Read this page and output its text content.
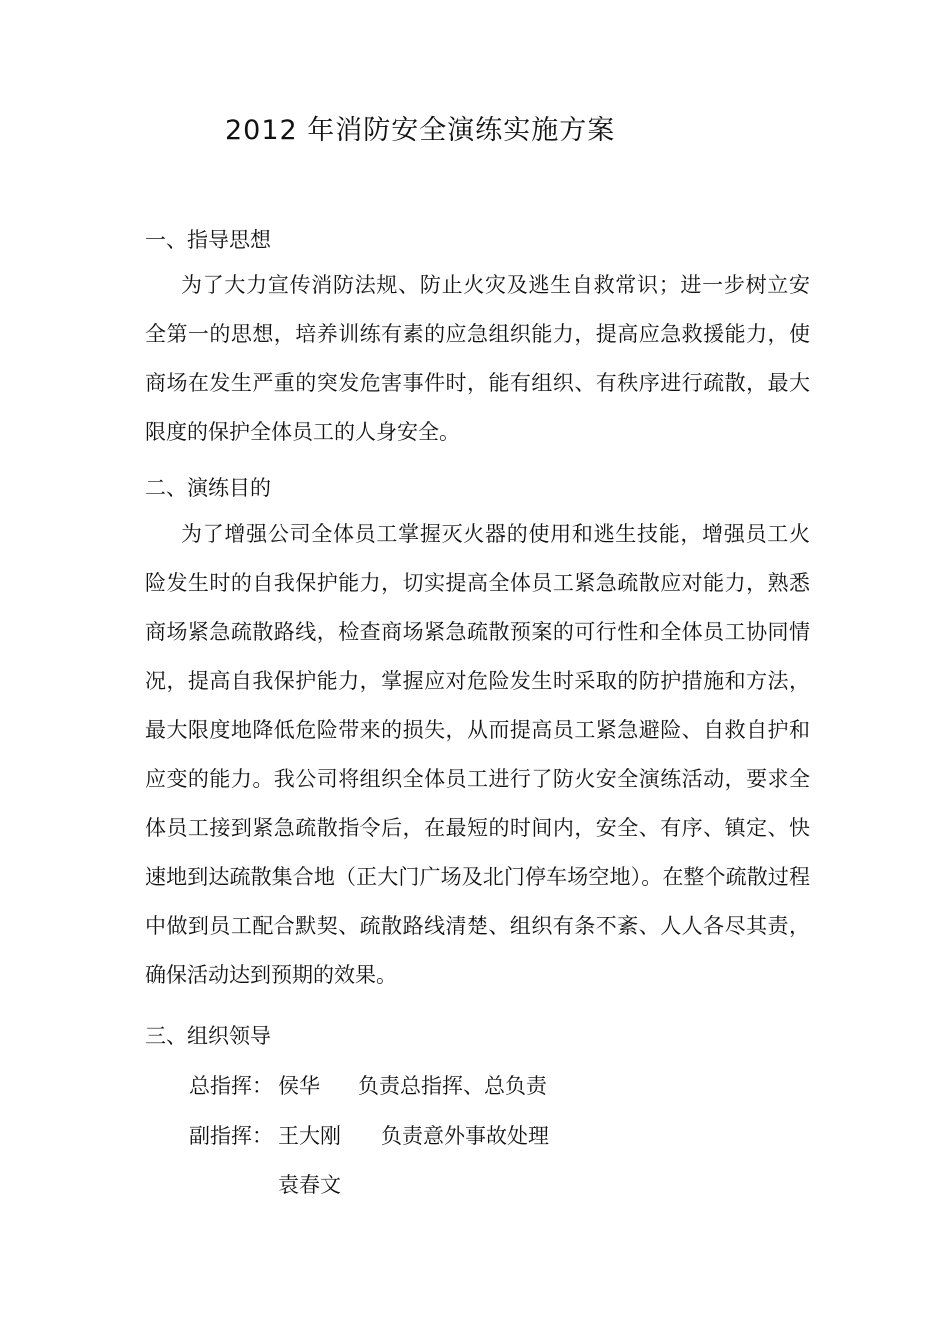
2012 年消防安全演练实施方案
一、指导思想
为了大力宣传消防法规、防止火灾及逃生自救常识；进一步树立安全第一的思想，培养训练有素的应急组织能力，提高应急救援能力，使商场在发生严重的突发危害事件时，能有组织、有秩序进行疏散，最大限度的保护全体员工的人身安全。
二、演练目的
为了增强公司全体员工掌握灭火器的使用和逃生技能，增强员工火险发生时的自我保护能力，切实提高全体员工紧急疏散应对能力，熟悉商场紧急疏散路线，检查商场紧急疏散预案的可行性和全体员工协同情况，提高自我保护能力，掌握应对危险发生时采取的防护措施和方法，最大限度地降低危险带来的损失，从而提高员工紧急避险、自救自护和应变的能力。我公司将组织全体员工进行了防火安全演练活动，要求全体员工接到紧急疏散指令后，在最短的时间内，安全、有序、镇定、快速地到达疏散集合地（正大门广场及北门停车场空地）。在整个疏散过程中做到员工配合默契、疏散路线清楚、组织有条不紊、人人各尽其责，确保活动达到预期的效果。
三、组织领导
总指挥： 侯华 负责总指挥、总负责
副指挥： 王大刚 负责意外事故处理
袁春文
